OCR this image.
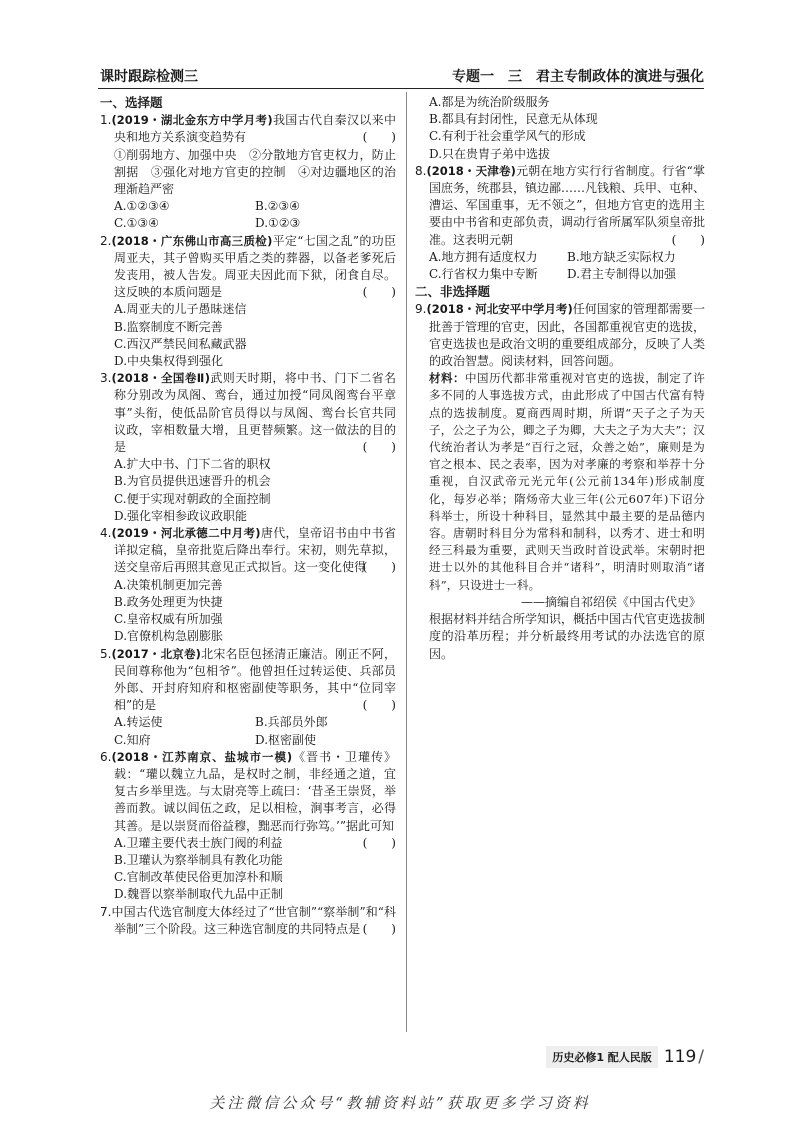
课时跟踪检测三	专题一　三　君主专制政体的演进与强化
一、选择题

1.(2019・湖北金东方中学月考)我国古代自秦汉以来中央和地方关系演变趋势有	(　　)

①削弱地方、加强中央　②分散地方官吏权力，防止割据　③强化对地方官吏的控制　④对边疆地区的治理渐趋严密
A.①②③④	B.②③④
C.①③④	D.①②③

2.(2018・广东佛山市高三质检)平定“七国之乱”的功臣周亚夫，其子曾购买甲盾之类的葬器，以备老爹死后发丧用，被人告发。周亚夫因此而下狱，闭食自尽。这反映的本质问题是	(　　)

A.周亚夫的儿子愚昧迷信
B.监察制度不断完善
C.西汉严禁民间私藏武器
D.中央集权得到强化

3.(2018・全国卷Ⅱ)武则天时期，将中书、门下二省名称分别改为凤阁、鸾台，通过加授“同凤阁鸾台平章事”头衔，使低品阶官员得以与凤阁、鸾台长官共同议政，宰相数量大增，且更替频繁。这一做法的目的是	(　　)

A.扩大中书、门下二省的职权
B.为官员提供迅速晋升的机会
C.便于实现对朝政的全面控制
D.强化宰相参政议政职能

4.(2019・河北承德二中月考)唐代，皇帝诏书由中书省详拟定稿，皇帝批览后降出奉行。宋初，则先草拟，送交皇帝后再照其意见正式拟旨。这一变化使得
(　　)

A.决策机制更加完善
B.政务处理更为快捷
C.皇帝权威有所加强
D.官僚机构急剧膨胀

5.(2017・北京卷)北宋名臣包拯清正廉洁。刚正不阿，民间尊称他为“包相爷”。他曾担任过转运使、兵部员外郎、开封府知府和枢密副使等职务，其中“位同宰相”的是	(　　)

A.转运使	B.兵部员外郎
C.知府	D.枢密副使

6.(2018・江苏南京、盐城市一模)《晋书・卫瓘传》载：“瓘以魏立九品，是权时之制，非经通之道，宜复古乡举里选。与太尉亮等上疏曰：‘昔圣王崇贤，举善而教。诚以闾伍之政，足以相检，涧事考言，必得其善。是以崇贤而俗益穆，黜恶而行弥笃。’”据此可知
(　　)

A.卫瓘主要代表士族门阀的利益
B.卫瓘认为察举制具有教化功能
C.官制改革使民俗更加淳朴和顺
D.魏晋以察举制取代九品中正制

7.中国古代选官制度大体经过了“世官制”“察举制”和“科举制”三个阶段。这三种选官制度的共同特点是 (　　)

A.都是为统治阶级服务
B.都具有封闭性，民意无从体现
C.有利于社会重学风气的形成
D.只在贵胄子弟中选拔

8.(2018・天津卷)元朝在地方实行行省制度。行省“掌国庶务，统郡县，镇边鄙……凡钱粮、兵甲、屯种、漕运、军国重事，无不领之”，但地方官吏的选用主要由中书省和吏部负责，调动行省所属军队须皇帝批准。这表明元朝	(　　)

A.地方拥有适度权力	B.地方缺乏实际权力
C.行省权力集中专断	D.君主专制得以加强
二、非选择题

9.(2018・河北安平中学月考)任何国家的管理都需要一批善于管理的官吏，因此，各国都重视官吏的选拔，官吏选拔也是政治文明的重要组成部分，反映了人类的政治智慧。阅读材料，回答问题。

材料：中国历代都非常重视对官吏的选拔，制定了许多不同的人事选拔方式，由此形成了中国古代富有特点的选拔制度。夏商西周时期，所谓“天子之子为天子，公之子为公，卿之子为卿，大夫之子为大夫”；汉代统治者认为孝是“百行之冠，众善之始”，廉则是为官之根本、民之表率，因为对孝廉的考察和举荐十分重视，自汉武帝元光元年(公元前134年)形成制度化，每岁必举；隋炀帝大业三年(公元607年)下诏分科举士，所设十种科目，显然其中最主要的是品德内容。唐朝时科目分为常科和制科，以秀才、进士和明经三科最为重要，武则天当政时首设武举。宋朝时把进士以外的其他科目合并“诸科”，明清时则取消“诸科”，只设进士一科。

——摘编自祁绍侯《中国古代史》

根据材料并结合所学知识，概括中国古代官吏选拔制度的沿革历程；并分析最终用考试的办法选官的原因。

历史必修1 配人民版 119 /
关注微信公众号“教辅资料站”获取更多学习资料
